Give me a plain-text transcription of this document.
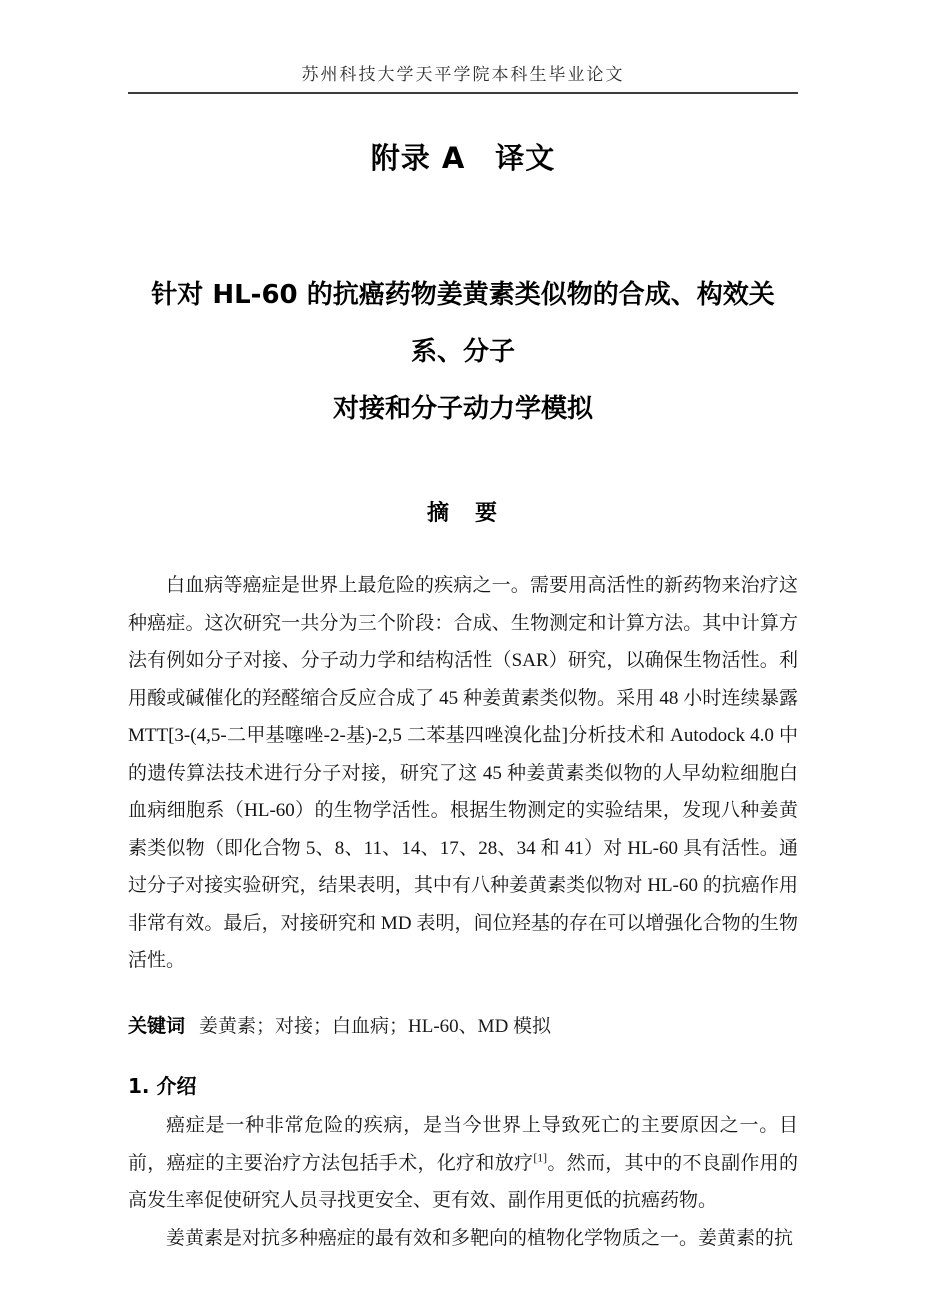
苏州科技大学天平学院本科生毕业论文
附录 A　译文
针对 HL-60 的抗癌药物姜黄素类似物的合成、构效关系、分子
对接和分子动力学模拟
摘　要

白血病等癌症是世界上最危险的疾病之一。需要用高活性的新药物来治疗这种癌症。这次研究一共分为三个阶段：合成、生物测定和计算方法。其中计算方法有例如分子对接、分子动力学和结构活性（SAR）研究，以确保生物活性。利用酸或碱催化的羟醛缩合反应合成了 45 种姜黄素类似物。采用 48 小时连续暴露 MTT[3-(4,5-二甲基噻唑-2-基)-2,5 二苯基四唑溴化盐]分析技术和 Autodock 4.0 中的遗传算法技术进行分子对接，研究了这 45 种姜黄素类似物的人早幼粒细胞白血病细胞系（HL-60）的生物学活性。根据生物测定的实验结果，发现八种姜黄素类似物（即化合物 5、8、11、14、17、28、34 和 41）对 HL-60 具有活性。通过分子对接实验研究，结果表明，其中有八种姜黄素类似物对 HL-60 的抗癌作用非常有效。最后，对接研究和 MD 表明，间位羟基的存在可以增强化合物的生物活性。

关键词 姜黄素；对接；白血病；HL-60、MD 模拟
1. 介绍

癌症是一种非常危险的疾病，是当今世界上导致死亡的主要原因之一。目前，癌症的主要治疗方法包括手术，化疗和放疗[1]。然而，其中的不良副作用的高发生率促使研究人员寻找更安全、更有效、副作用更低的抗癌药物。

姜黄素是对抗多种癌症的最有效和多靶向的植物化学物质之一。姜黄素的抗
